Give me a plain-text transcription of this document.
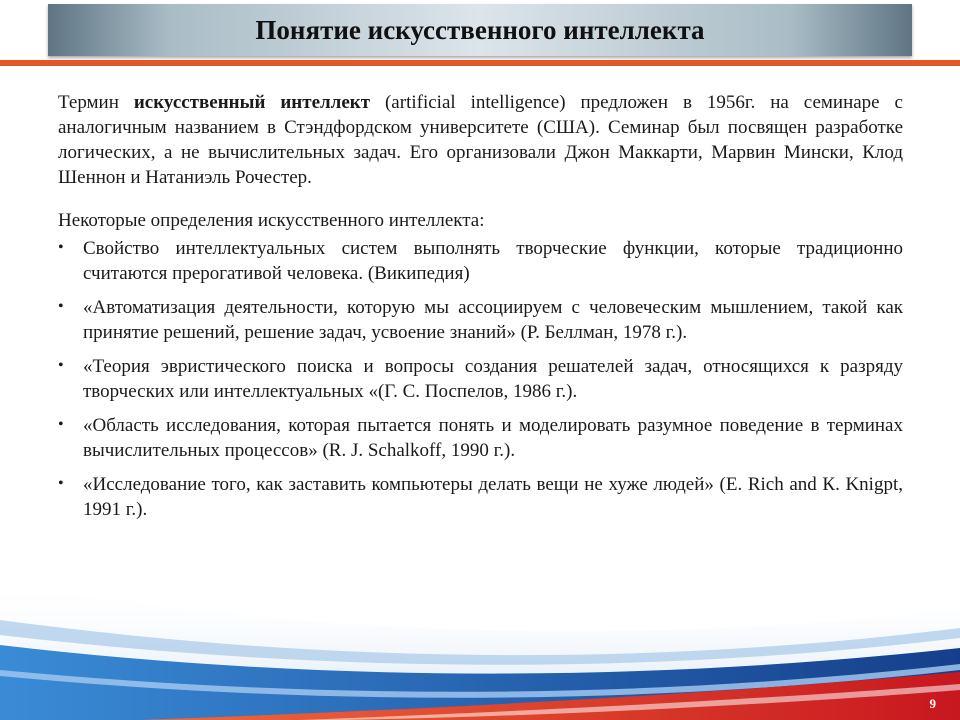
Понятие искусственного интеллекта

Термин искусственный интеллект (artificial intelligence) предложен в 1956г. на семинаре с аналогичным названием в Стэндфордском университете (США). Семинар был посвящен разработке логических, а не вычислительных задач. Его организовали Джон Маккарти, Марвин Мински, Клод Шеннон и Натаниэль Рочестер.

Некоторые определения искусственного интеллекта:

• Свойство интеллектуальных систем выполнять творческие функции, которые традиционно считаются прерогативой человека. (Википедия)
• «Автоматизация деятельности, которую мы ассоциируем с человеческим мышлением, такой как принятие решений, решение задач, усвоение знаний» (Р. Беллман, 1978 г.).
• «Теория эвристического поиска и вопросы создания решателей задач, относящихся к разряду творческих или интеллектуальных «(Г. С. Поспелов, 1986 г.).
• «Область исследования, которая пытается понять и моделировать разумное поведение в терминах вычислительных процессов» (R. J. Schalkoff, 1990 г.).
• «Исследование того, как заставить компьютеры делать вещи не хуже людей» (Е. Rich and К. Knigpt, 1991 г.).
9
